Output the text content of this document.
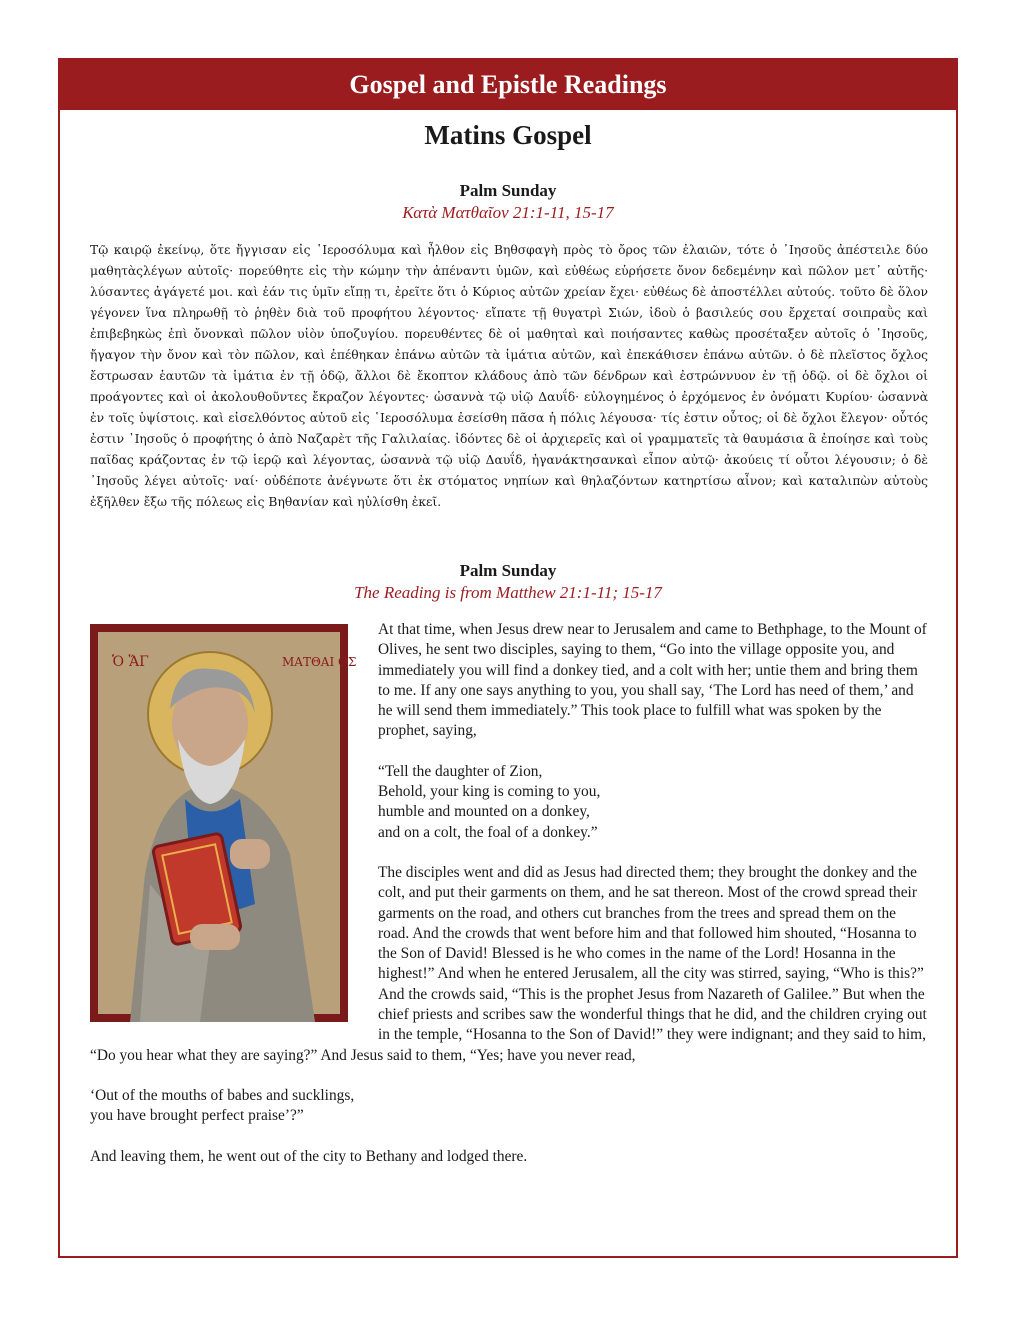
Gospel and Epistle Readings
Matins Gospel
Palm Sunday
Κατὰ Ματθαῖον 21:1-11, 15-17

Τῷ καιρῷ ἐκείνῳ, ὅτε ἤγγισαν εἰς ῾Ιεροσόλυμα καὶ ἦλθον εἰς Βηθσφαγὴ πρὸς τὸ ὄρος τῶν ἐλαιῶν, τότε ὁ ᾿Ιησοῦς ἀπέστειλε δύο μαθητὰςλέγων αὐτοῖς· πορεύθητε εἰς τὴν κώμην τὴν ἀπέναντι ὑμῶν, καὶ εὐθέως εὑρήσετε ὄνον δεδεμένην καὶ πῶλον μετ᾿ αὐτῆς· λύσαντες ἀγάγετέ μοι. καὶ ἐάν τις ὑμῖν εἴπῃ τι, ἐρεῖτε ὅτι ὁ Κύριος αὐτῶν χρείαν ἔχει· εὐθέως δὲ ἀποστέλλει αὐτούς. τοῦτο δὲ ὅλον γέγονεν ἵνα πληρωθῇ τὸ ῥηθὲν διὰ τοῦ προφήτου λέγοντος· εἴπατε τῇ θυγατρὶ Σιών, ἰδοὺ ὁ βασιλεύς σου ἔρχεταί σοιπραῢς καὶ ἐπιβεβηκὼς ἐπὶ ὄνονκαὶ πῶλον υἱὸν ὑποζυγίου. πορευθέντες δὲ οἱ μαθηταὶ καὶ ποιήσαντες καθὼς προσέταξεν αὐτοῖς ὁ ᾿Ιησοῦς, ἤγαγον τὴν ὄνον καὶ τὸν πῶλον, καὶ ἐπέθηκαν ἐπάνω αὐτῶν τὰ ἱμάτια αὐτῶν, καὶ ἐπεκάθισεν ἐπάνω αὐτῶν. ὁ δὲ πλεῖστος ὄχλος ἔστρωσαν ἑαυτῶν τὰ ἱμάτια ἐν τῇ ὁδῷ, ἄλλοι δὲ ἔκοπτον κλάδους ἀπὸ τῶν δένδρων καὶ ἐστρώννυον ἐν τῇ ὁδῷ. οἱ δὲ ὄχλοι οἱ προάγοντες καὶ οἱ ἀκολουθοῦντες ἔκραζον λέγοντες· ὡσαννὰ τῷ υἱῷ Δαυΐδ· εὐλογημένος ὁ ἐρχόμενος ἐν ὀνόματι Κυρίου· ὡσαννὰ ἐν τοῖς ὑψίστοις. καὶ εἰσελθόντος αὐτοῦ εἰς ῾Ιεροσόλυμα ἐσείσθη πᾶσα ἡ πόλις λέγουσα· τίς ἐστιν οὗτος; οἱ δὲ ὄχλοι ἔλεγον· οὗτός ἐστιν ᾿Ιησοῦς ὁ προφήτης ὁ ἀπὸ Ναζαρὲτ τῆς Γαλιλαίας. ἰδόντες δὲ οἱ ἀρχιερεῖς καὶ οἱ γραμματεῖς τὰ θαυμάσια ἃ ἐποίησε καὶ τοὺς παῖδας κράζοντας ἐν τῷ ἱερῷ καὶ λέγοντας, ὡσαννὰ τῷ υἱῷ Δαυΐδ, ἠγανάκτησανκαὶ εἶπον αὐτῷ· ἀκούεις τί οὗτοι λέγουσιν; ὁ δὲ ᾿Ιησοῦς λέγει αὐτοῖς· ναί· οὐδέποτε ἀνέγνωτε ὅτι ἐκ στόματος νηπίων καὶ θηλαζόντων κατηρτίσω αἶνον; καὶ καταλιπὼν αὐτοὺς ἐξῆλθεν ἔξω τῆς πόλεως εἰς Βηθανίαν καὶ ηὐλίσθη ἐκεῖ.

Palm Sunday
The Reading is from Matthew 21:1-11; 15-17
Ὁ ἍΓ	ΜΑΤΘΑΙ ΟΣ

At that time, when Jesus drew near to Jerusalem and came to Bethphage, to the Mount of Olives, he sent two disciples, saying to them, “Go into the village opposite you, and immediately you will find a donkey tied, and a colt with her; untie them and bring them to me. If any one says anything to you, you shall say, ‘The Lord has need of them,’ and he will send them immediately.” This took place to fulfill what was spoken by the prophet, saying,

“Tell the daughter of Zion,
Behold, your king is coming to you,
humble and mounted on a donkey,
and on a colt, the foal of a donkey.”

The disciples went and did as Jesus had directed them; they brought the donkey and the colt, and put their garments on them, and he sat thereon. Most of the crowd spread their garments on the road, and others cut branches from the trees and spread them on the road. And the crowds that went before him and that followed him shouted, “Hosanna to the Son of David! Blessed is he who comes in the name of the Lord! Hosanna in the highest!” And when he entered Jerusalem, all the city was stirred, saying, “Who is this?” And the crowds said, “This is the prophet Jesus from Nazareth of Galilee.” But when the chief priests and scribes saw the wonderful things that he did, and the children crying out in the temple, “Hosanna to the Son of David!” they were indignant; and they said to him, “Do you hear what they are saying?” And Jesus said to them, “Yes; have you never read,

‘Out of the mouths of babes and sucklings,
you have brought perfect praise’?”

And leaving them, he went out of the city to Bethany and lodged there.
